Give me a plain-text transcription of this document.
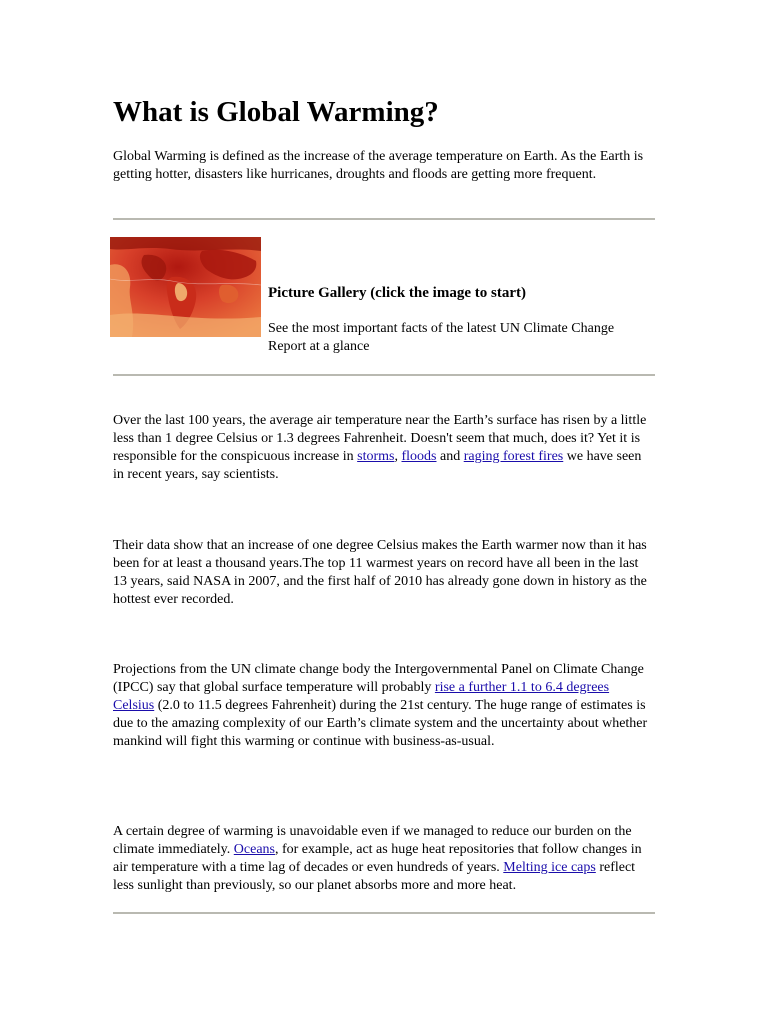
What is Global Warming?

Global Warming is defined as the increase of the average temperature on Earth. As the Earth is getting hotter, disasters like hurricanes, droughts and floods are getting more frequent.

Picture Gallery (click the image to start)

See the most important facts of the latest UN Climate Change Report at a glance

Over the last 100 years, the average air temperature near the Earth’s surface has risen by a little less than 1 degree Celsius or 1.3 degrees Fahrenheit. Doesn't seem that much, does it? Yet it is responsible for the conspicuous increase in storms, floods and raging forest fires we have seen in recent years, say scientists.

Their data show that an increase of one degree Celsius makes the Earth warmer now than it has been for at least a thousand years.The top 11 warmest years on record have all been in the last 13 years, said NASA in 2007, and the first half of 2010 has already gone down in history as the hottest ever recorded.

Projections from the UN climate change body the Intergovernmental Panel on Climate Change (IPCC) say that global surface temperature will probably rise a further 1.1 to 6.4 degrees Celsius (2.0 to 11.5 degrees Fahrenheit) during the 21st century. The huge range of estimates is due to the amazing complexity of our Earth’s climate system and the uncertainty about whether mankind will fight this warming or continue with business-as-usual.

A certain degree of warming is unavoidable even if we managed to reduce our burden on the climate immediately. Oceans, for example, act as huge heat repositories that follow changes in air temperature with a time lag of decades or even hundreds of years. Melting ice caps reflect less sunlight than previously, so our planet absorbs more and more heat.
